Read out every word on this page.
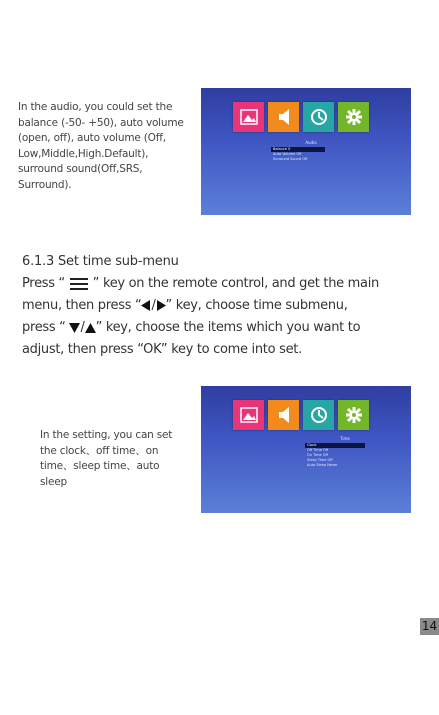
In the audio, you could set the
balance (-50- +50), auto volume
(open, off), auto volume (Off,
Low,Middle,High.Default),
surround sound(Off,SRS,
Surround).
Audio
Balance 0
Auto Volume Off
Surround Sound Off
6.1.3 Set time sub-menu
Press “ ” key on the remote control, and get the main
menu, then press “ / ” key, choose time submenu,
press “ / ” key, choose the items which you want to
adjust, then press “OK” key to come into set.
In the setting, you can set
the clock、off time、on
time、sleep time、auto
sleep
Time
Clock
Off Time Off
On Time Off
Sleep Time Off
Auto Sleep Never
14
